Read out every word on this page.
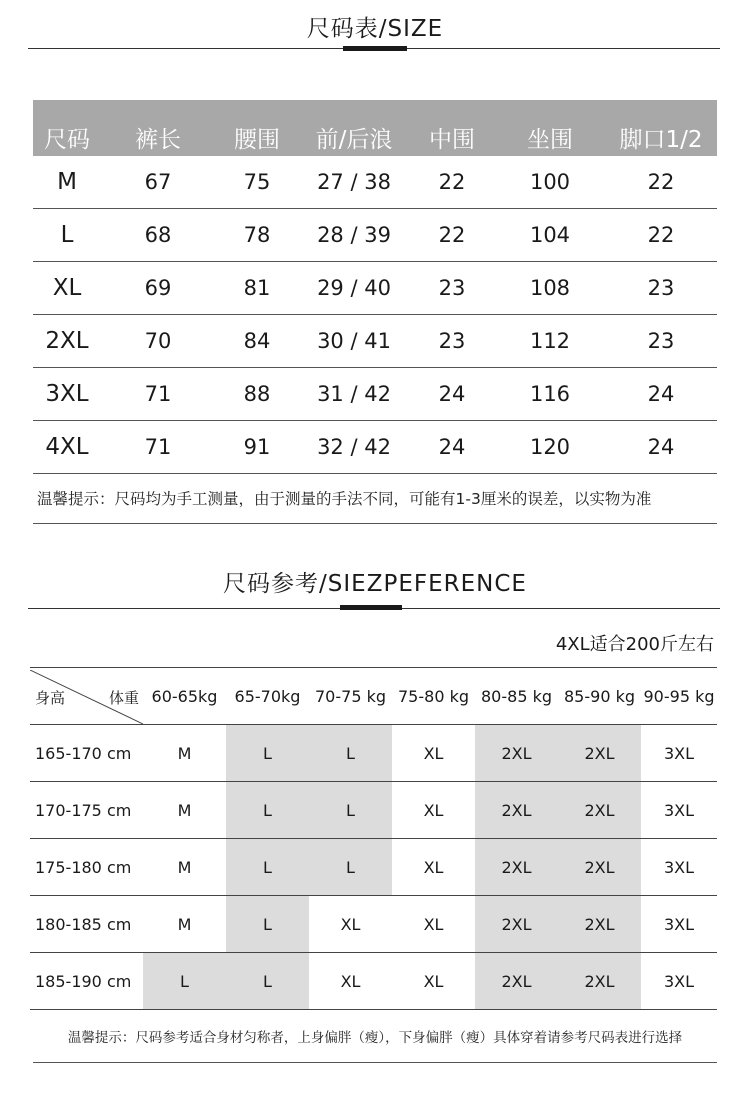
尺码表/SIZE
尺码	裤长	腰围	前/后浪	中围	坐围	脚口1/2
M	67	75	27 / 38	22	100	22
L	68	78	28 / 39	22	104	22
XL	69	81	29 / 40	23	108	23
2XL	70	84	30 / 41	23	112	23
3XL	71	88	31 / 42	24	116	24
4XL	71	91	32 / 42	24	120	24
温馨提示：尺码均为手工测量，由于测量的手法不同，可能有1-3厘米的误差，以实物为准
尺码参考/SIEZPEFERENCE
4XL适合200斤左右
身高 体重	60-65kg	65-70kg	70-75 kg	75-80 kg	80-85 kg	85-90 kg	90-95 kg
165-170 cm	M	L	L	XL	2XL	2XL	3XL
170-175 cm	M	L	L	XL	2XL	2XL	3XL
175-180 cm	M	L	L	XL	2XL	2XL	3XL
180-185 cm	M	L	XL	XL	2XL	2XL	3XL
185-190 cm	L	L	XL	XL	2XL	2XL	3XL
温馨提示：尺码参考适合身材匀称者，上身偏胖（瘦），下身偏胖（瘦）具体穿着请参考尺码表进行选择
